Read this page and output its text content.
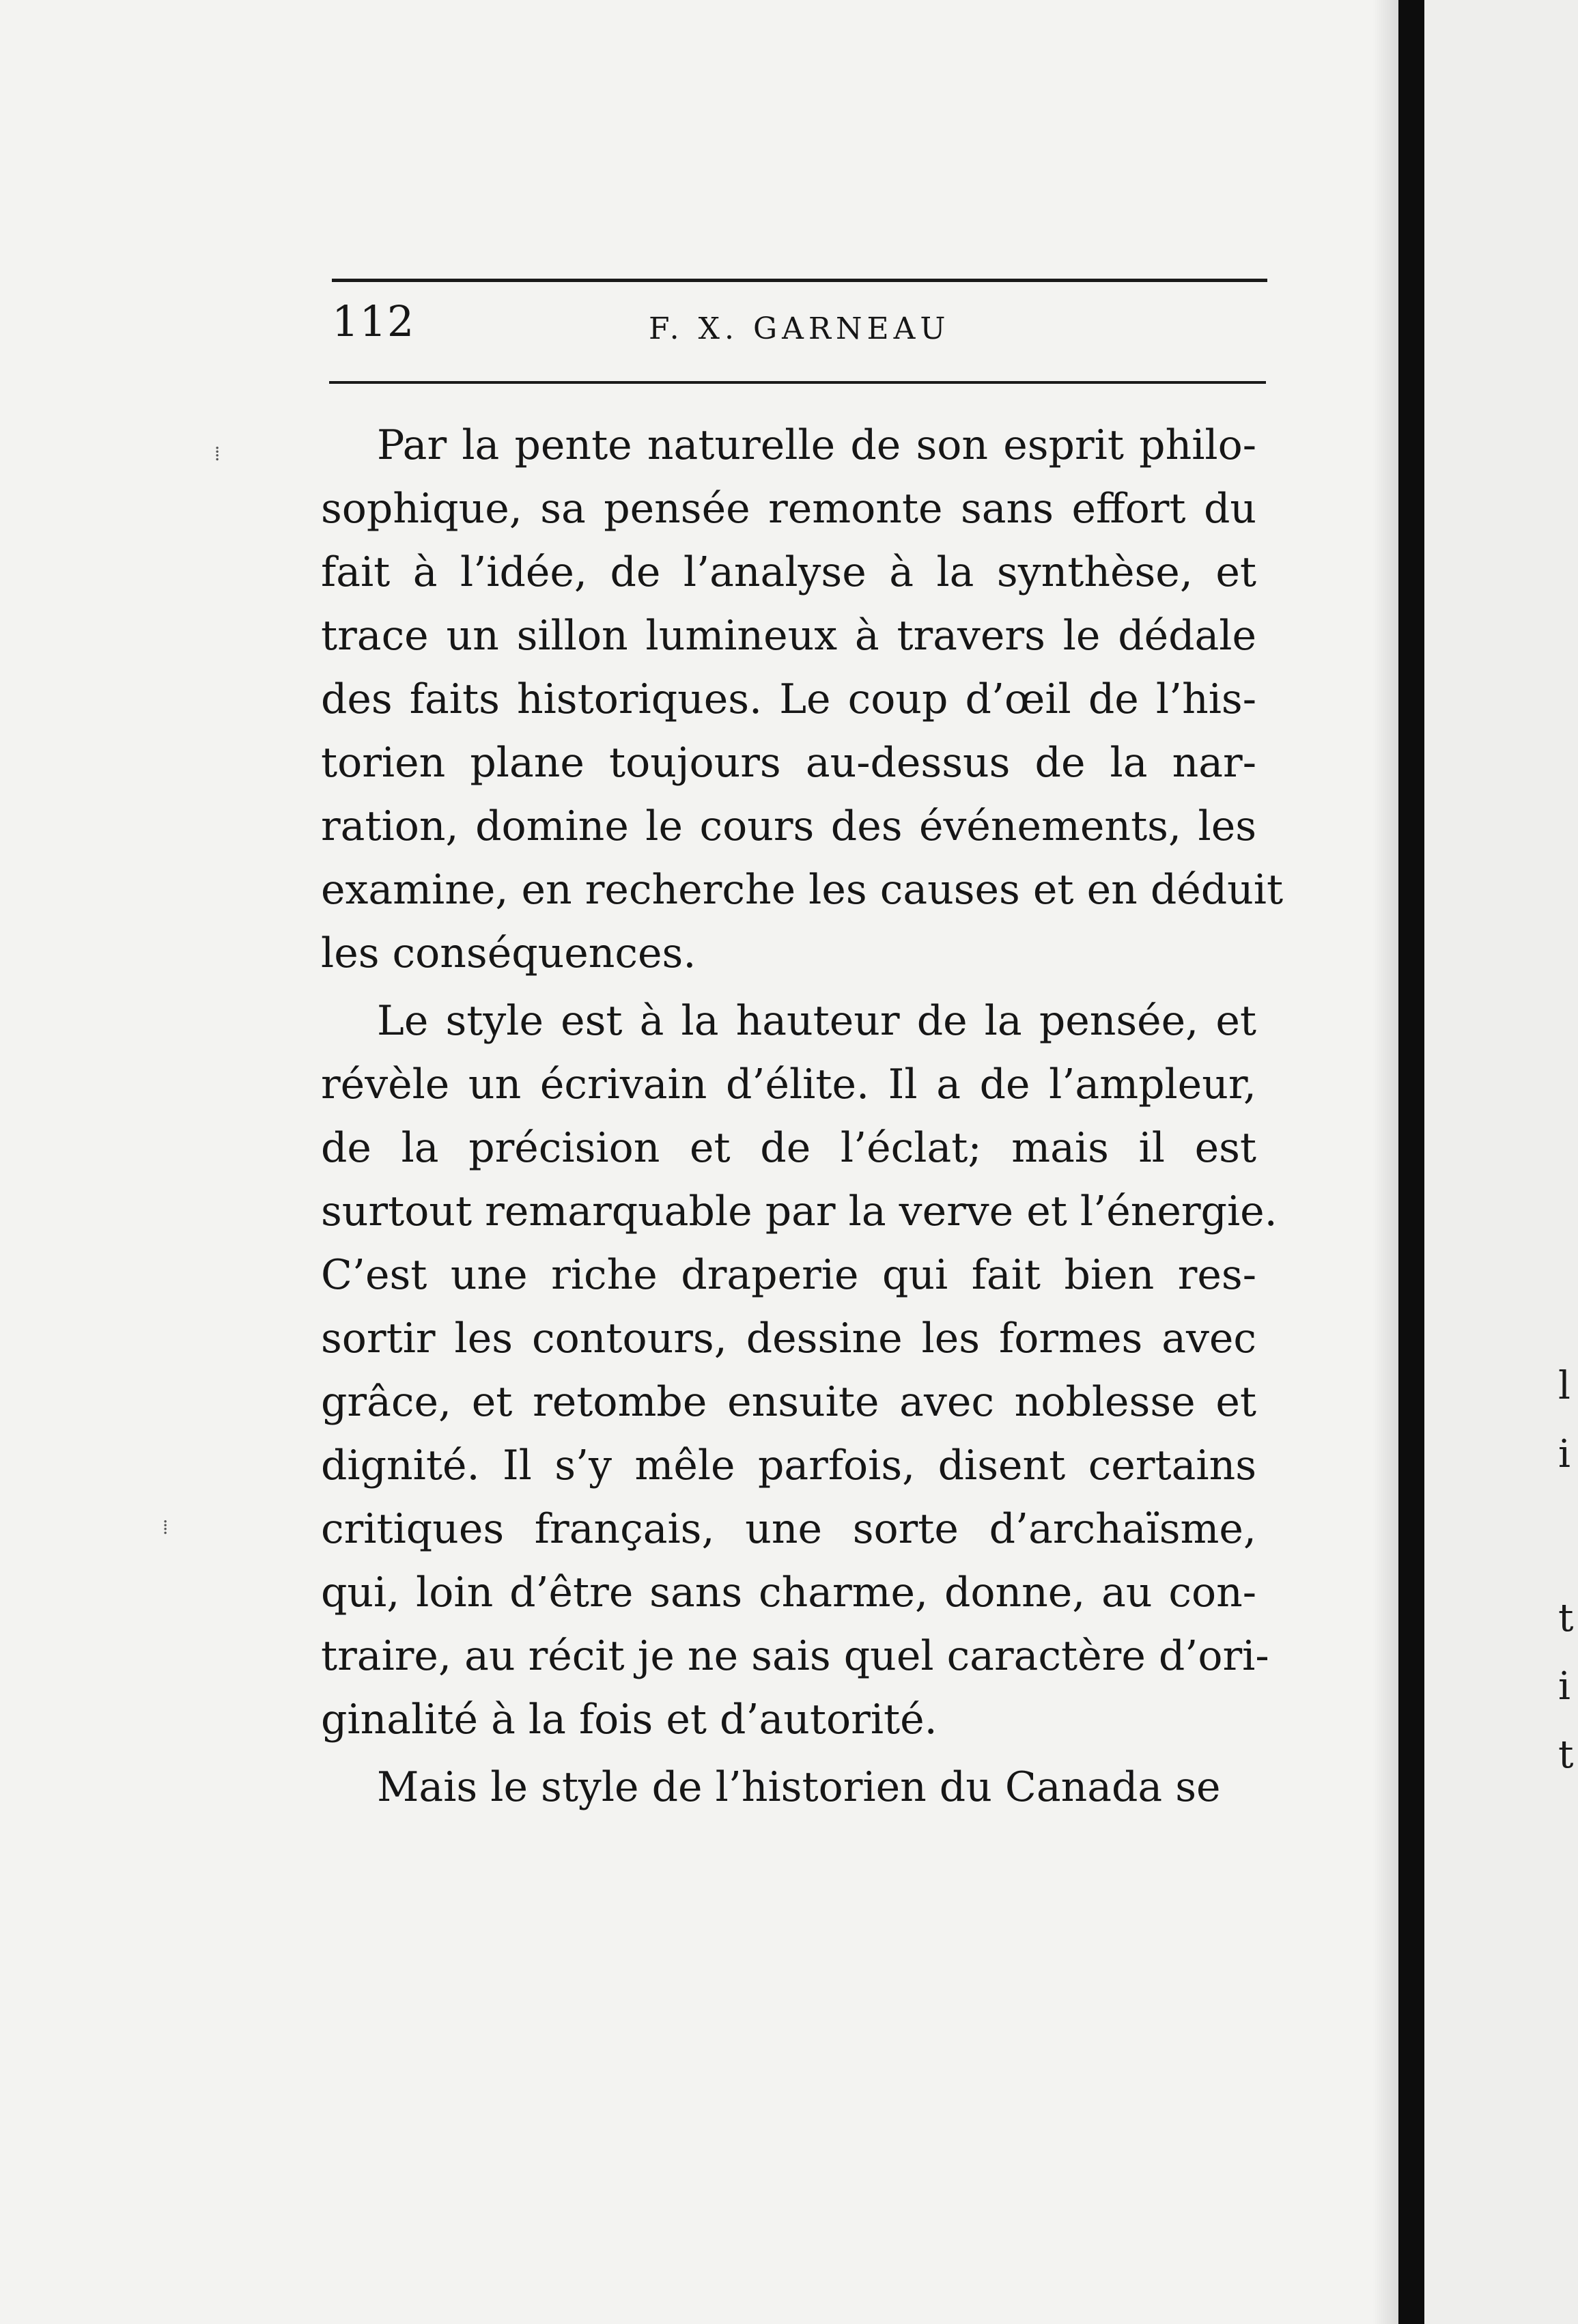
112	F. X. GARNEAU
⁞
⁞
Par la pente naturelle de son esprit philo-
sophique, sa pensée remonte sans effort du
fait à l’idée, de l’analyse à la synthèse, et
trace un sillon lumineux à travers le dédale
des faits historiques. Le coup d’œil de l’his-
torien plane toujours au-dessus de la nar-
ration, domine le cours des événements, les
examine, en recherche les causes et en déduit
les conséquences.
Le style est à la hauteur de la pensée, et
révèle un écrivain d’élite. Il a de l’ampleur,
de la précision et de l’éclat; mais il est
surtout remarquable par la verve et l’énergie.
C’est une riche draperie qui fait bien res-
sortir les contours, dessine les formes avec
grâce, et retombe ensuite avec noblesse et
dignité. Il s’y mêle parfois, disent certains
critiques français, une sorte d’archaïsme,
qui, loin d’être sans charme, donne, au con-
traire, au récit je ne sais quel caractère d’ori-
ginalité à la fois et d’autorité.
Mais le style de l’historien du Canada se
l
i
t
i
t
